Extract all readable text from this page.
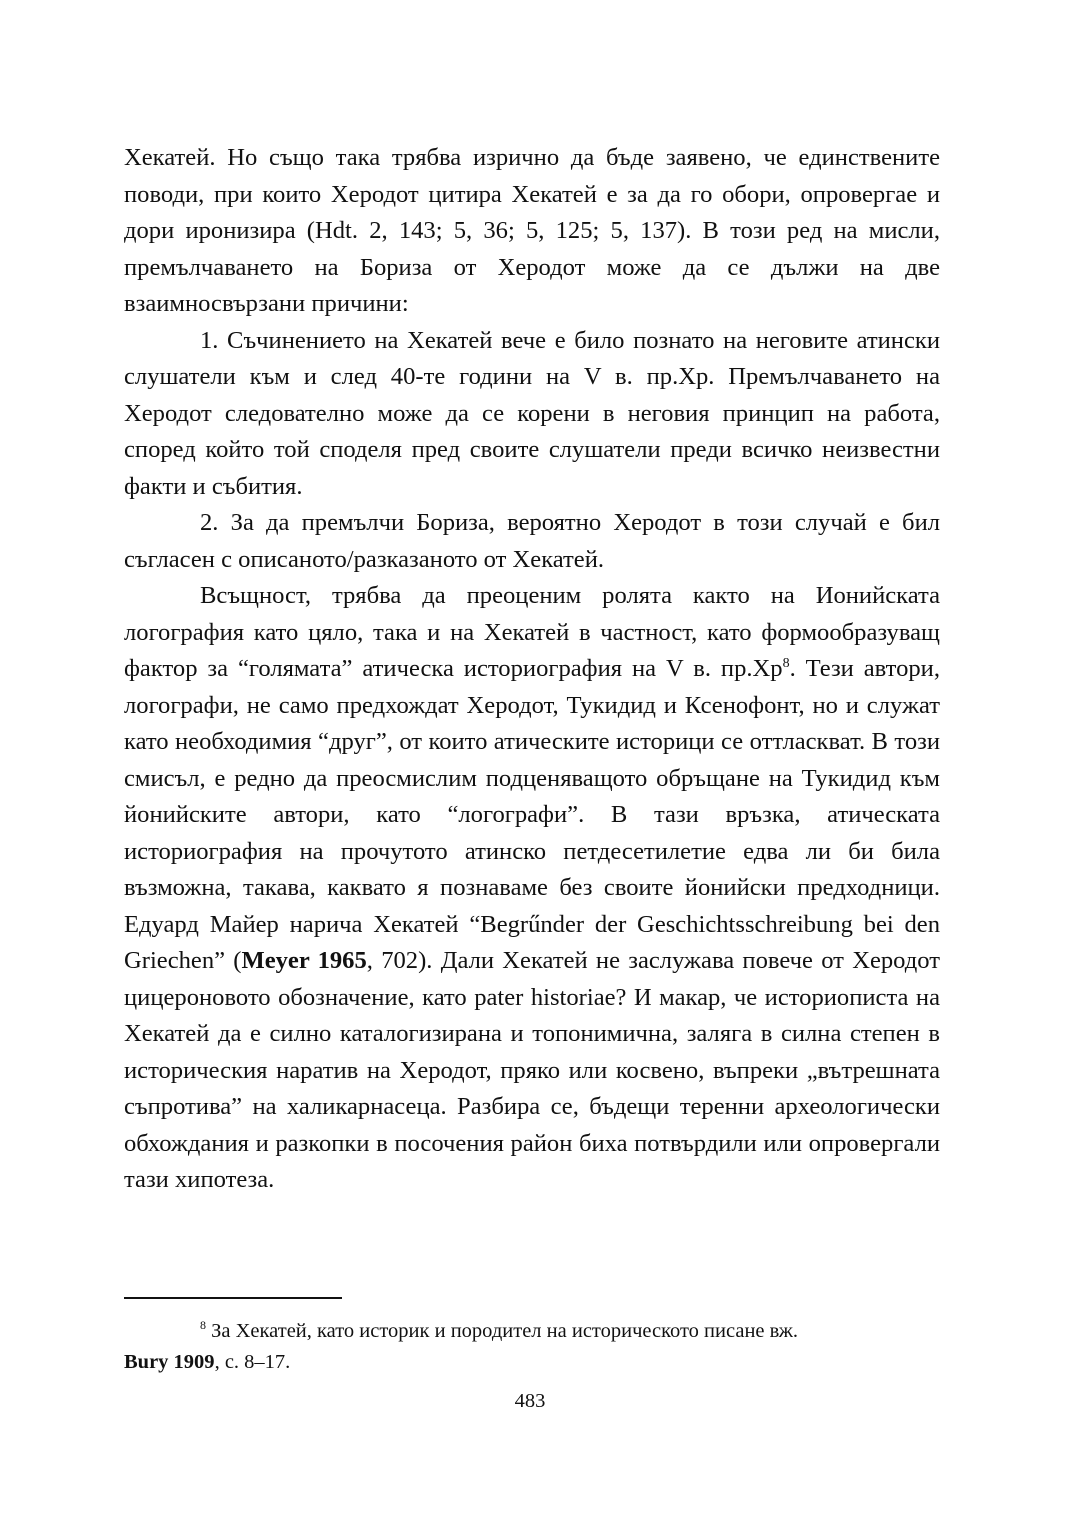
Хекатей. Но също така трябва изрично да бъде заявено, че единствените поводи, при които Херодот цитира Хекатей е за да го обори, опровергае и дори иронизира (Hdt. 2, 143; 5, 36; 5, 125; 5, 137). В този ред на мисли, премълчаването на Бориза от Херодот може да се дължи на две взаимносвързани причини:

1. Съчинението на Хекатей вече е било познато на неговите атински слушатели към и след 40-те години на V в. пр.Хр. Премълчаването на Херодот следователно може да се корени в неговия принцип на работа, според който той споделя пред своите слушатели преди всичко неизвестни факти и събития.

2. За да премълчи Бориза, вероятно Херодот в този случай е бил съгласен с описаното/разказаното от Хекатей.

Всъщност, трябва да преоценим ролята както на Ионийската логография като цяло, така и на Хекатей в частност, като формообразуващ фактор за “голямата” атическа историография на V в. пр.Хр$^8$. Тези автори, логографи, не само предхождат Херодот, Тукидид и Ксенофонт, но и служат като необходимия “друг”, от които атическите историци се оттласкват. В този смисъл, е редно да преосмислим подценяващото обръщане на Тукидид към йонийските автори, като “логографи”. В тази връзка, атическата историография на прочутото атинско петдесетилетие едва ли би била възможна, такава, каквато я познаваме без своите йонийски предходници. Едуард Майер нарича Хекатей “Begrűnder der Geschichtsschreibung bei den Griechen” (Meyer 1965, 702). Дали Хекатей не заслужава повече от Херодот цицероновото обозначение, като pater historiae? И макар, че историописта на Хекатей да е силно каталогизирана и топонимична, заляга в силна степен в историческия наратив на Херодот, пряко или косвено, въпреки „вътрешната съпротива” на халикарнасеца. Разбира се, бъдещи теренни археологически обхождания и разкопки в посочения район биха потвърдили или опровергали тази хипотеза.

$^8$ За Хекатей, като историк и породител на историческото писане вж.
Bury 1909, с. 8–17.
483
